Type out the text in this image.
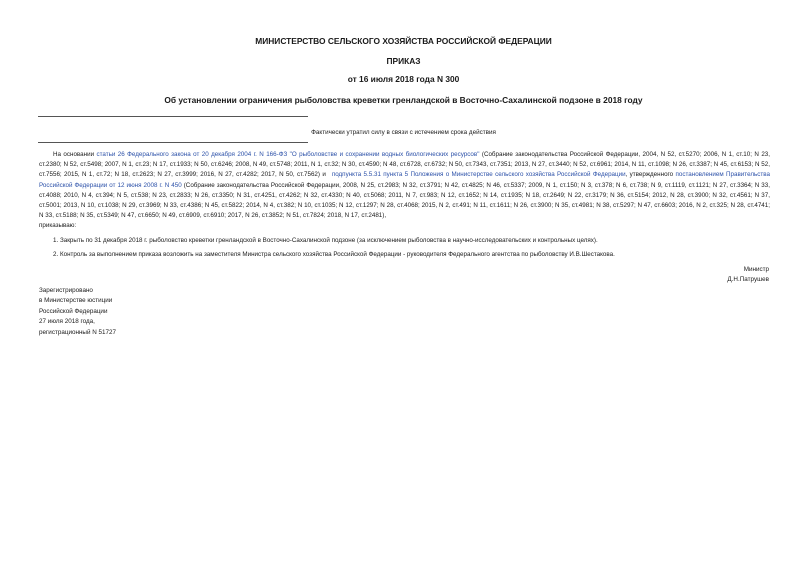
МИНИСТЕРСТВО СЕЛЬСКОГО ХОЗЯЙСТВА РОССИЙСКОЙ ФЕДЕРАЦИИ
ПРИКАЗ
от 16 июля 2018 года N 300
Об установлении ограничения рыболовства креветки гренландской в Восточно-Сахалинской подзоне в 2018 году
Фактически утратил силу в связи с истечением срока действия

На основании статьи 26 Федерального закона от 20 декабря 2004 г. N 166-ФЗ "О рыболовстве и сохранении водных биологических ресурсов" (Собрание законодательства Российской Федерации, 2004, N 52, ст.5270; 2006, N 1, ст.10; N 23, ст.2380; N 52, ст.5498; 2007, N 1, ст.23; N 17, ст.1933; N 50, ст.6246; 2008, N 49, ст.5748; 2011, N 1, ст.32; N 30, ст.4590; N 48, ст.6728, ст.6732; N 50, ст.7343, ст.7351; 2013, N 27, ст.3440; N 52, ст.6961; 2014, N 11, ст.1098; N 26, ст.3387; N 45, ст.6153; N 52, ст.7556; 2015, N 1, ст.72; N 18, ст.2623; N 27, ст.3999; 2016, N 27, ст.4282; 2017, N 50, ст.7562) и подпункта 5.5.31 пункта 5 Положения о Министерстве сельского хозяйства Российской Федерации, утвержденного постановлением Правительства Российской Федерации от 12 июня 2008 г. N 450 (Собрание законодательства Российской Федерации, 2008, N 25, ст.2983; N 32, ст.3791; N 42, ст.4825; N 46, ст.5337; 2009, N 1, ст.150; N 3, ст.378; N 6, ст.738; N 9, ст.1119, ст.1121; N 27, ст.3364; N 33, ст.4088; 2010, N 4, ст.394; N 5, ст.538; N 23, ст.2833; N 26, ст.3350; N 31, ст.4251, ст.4262; N 32, ст.4330; N 40, ст.5068; 2011, N 7, ст.983; N 12, ст.1652; N 14, ст.1935; N 18, ст.2649; N 22, ст.3179; N 36, ст.5154; 2012, N 28, ст.3900; N 32, ст.4561; N 37, ст.5001; 2013, N 10, ст.1038; N 29, ст.3969; N 33, ст.4386; N 45, ст.5822; 2014, N 4, ст.382; N 10, ст.1035; N 12, ст.1297; N 28, ст.4068; 2015, N 2, ст.491; N 11, ст.1611; N 26, ст.3900; N 35, ст.4981; N 38, ст.5297; N 47, ст.6603; 2016, N 2, ст.325; N 28, ст.4741; N 33, ст.5188; N 35, ст.5349; N 47, ст.6650; N 49, ст.6909, ст.6910; 2017, N 26, ст.3852; N 51, ст.7824; 2018, N 17, ст.2481),

приказываю:

1. Закрыть по 31 декабря 2018 г. рыболовство креветки гренландской в Восточно-Сахалинской подзоне (за исключением рыболовства в научно-исследовательских и контрольных целях).

2. Контроль за выполнением приказа возложить на заместителя Министра сельского хозяйства Российской Федерации - руководителя Федерального агентства по рыболовству И.В.Шестакова.

Министр
Д.Н.Патрушев
Зарегистрировано
в Министерстве юстиции
Российской Федерации
27 июля 2018 года,
регистрационный N 51727
